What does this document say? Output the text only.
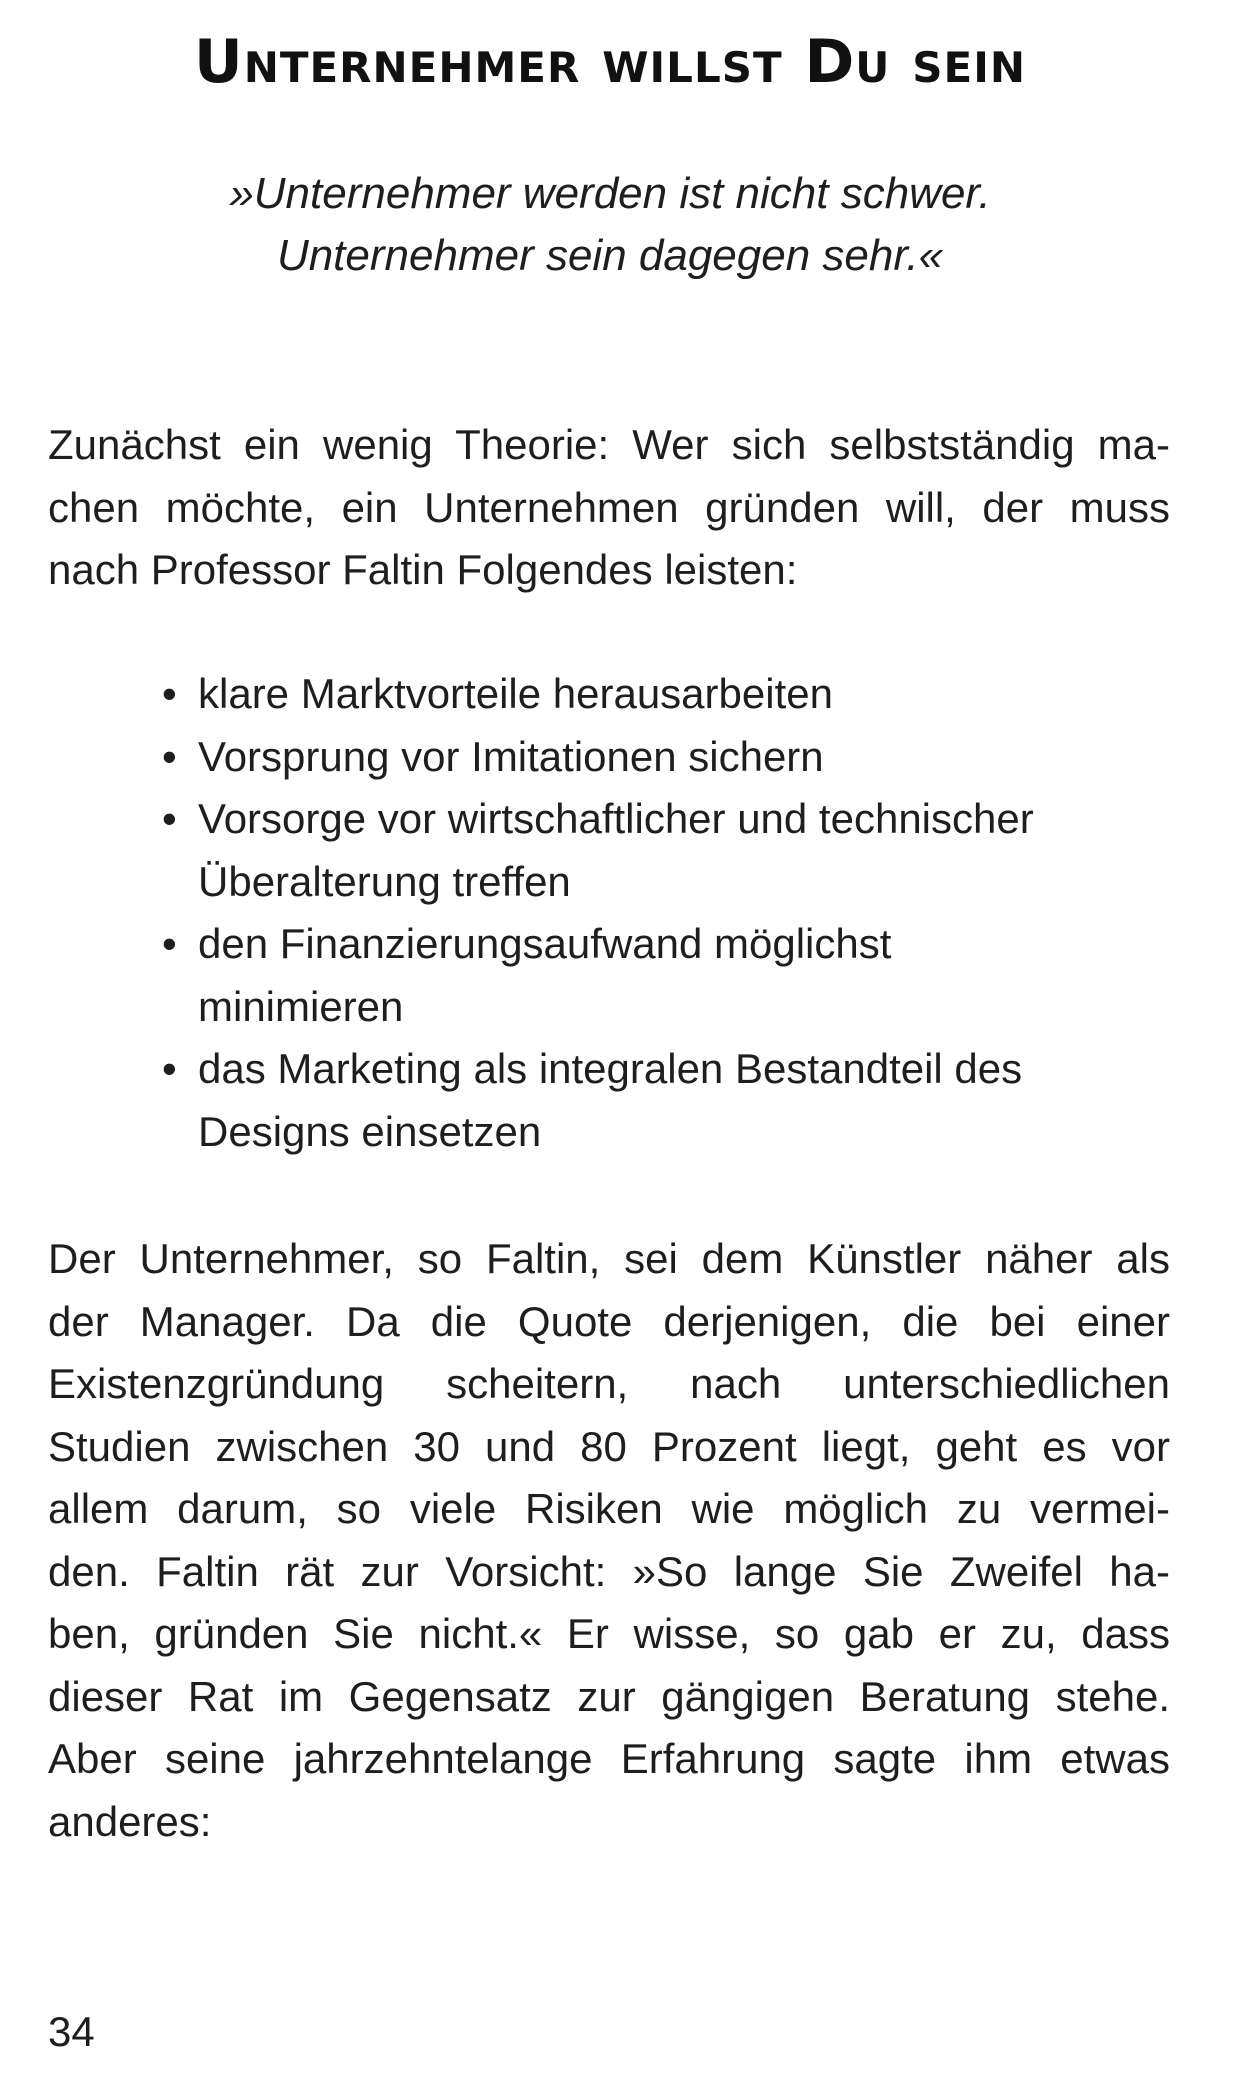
Unternehmer willst Du sein
»Unternehmer werden ist nicht schwer.
Unternehmer sein dagegen sehr.«
Zunächst ein wenig Theorie: Wer sich selbstständig ma-
chen möchte, ein Unternehmen gründen will, der muss
nach Professor Faltin Folgendes leisten:
• klare Marktvorteile herausarbeiten
• Vorsprung vor Imitationen sichern
• Vorsorge vor wirtschaftlicher und technischer
Überalterung treffen
• den Finanzierungsaufwand möglichst
minimieren
• das Marketing als integralen Bestandteil des
Designs einsetzen
Der Unternehmer, so Faltin, sei dem Künstler näher als
der Manager. Da die Quote derjenigen, die bei einer
Existenzgründung scheitern, nach unterschiedlichen
Studien zwischen 30 und 80 Prozent liegt, geht es vor
allem darum, so viele Risiken wie möglich zu vermei-
den. Faltin rät zur Vorsicht: »So lange Sie Zweifel ha-
ben, gründen Sie nicht.« Er wisse, so gab er zu, dass
dieser Rat im Gegensatz zur gängigen Beratung stehe.
Aber seine jahrzehntelange Erfahrung sagte ihm etwas
anderes:
34
